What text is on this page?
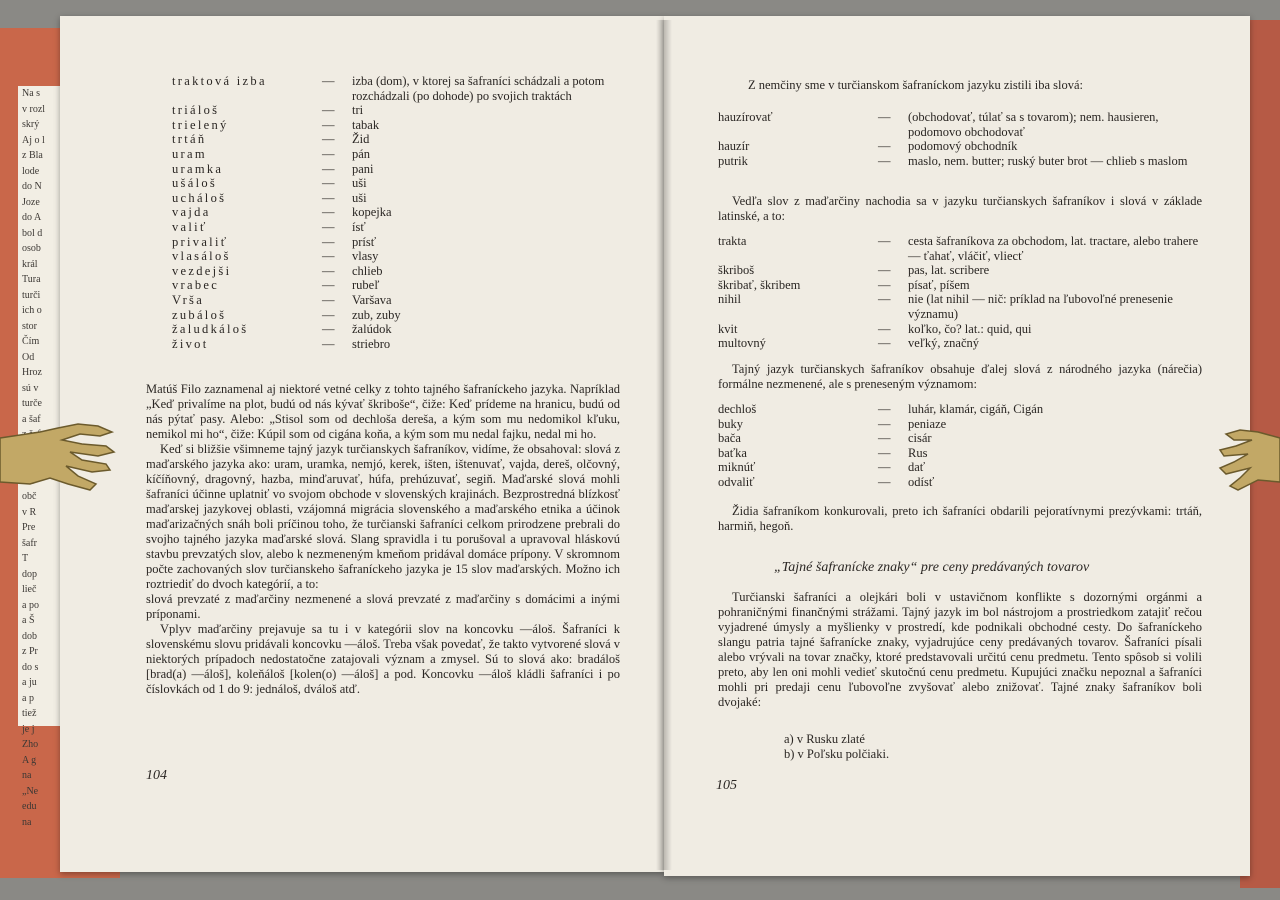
Na s
v rozl
skrý
Aj o l
z Bla
lode
do N
Joze
do A
bol d
osob
král
Tura
turči
ich o
stor
Čím
Od
Hroz
sú v
turče
a šaf
obč
v R
Pre
šafr
T
dop
lieč
a po
a Š
dob
z Pr
do s
a ju
a p
tiež
je j
Zho
A g
na
„Ne
edu
na
traktová izba	—	izba (dom), v ktorej sa šafraníci schádzali a potom rozchádzali (po dohode) po svojich traktách
triáloš	—	tri
trielený	—	tabak
trtáň	—	Žid
uram	—	pán
uramka	—	pani
ušáloš	—	uši
ucháloš	—	uši
vajda	—	kopejka
valiť	—	ísť
privaliť	—	prísť
vlasáloš	—	vlasy
vezdejši	—	chlieb
vrabec	—	rubeľ
Vrša	—	Varšava
zubáloš	—	zub, zuby
žaludkáloš	—	žalúdok
život	—	striebro

Matúš Filo zaznamenal aj niektoré vetné celky z tohto tajného šafraníckeho jazyka. Napríklad „Keď privalíme na plot, budú od nás kývať škriboše“, čiže: Keď prídeme na hranicu, budú od nás pýtať pasy. Alebo: „Stisol som od dechloša dereša, a kým som mu nedomikol kľuku, nemikol mi ho“, čiže: Kúpil som od cigána koňa, a kým som mu nedal fajku, nedal mi ho.

Keď si bližšie všimneme tajný jazyk turčianskych šafraníkov, vidíme, že obsahoval: slová z maďarského jazyka ako: uram, uramka, nemjó, kerek, išten, ištenuvať, vajda, dereš, olčovný, kíčíňovný, dragovný, hazba, minďaruvať, húfa, prehúzuvať, segiň. Maďarské slová mohli šafraníci účinne uplatniť vo svojom obchode v slovenských krajinách. Bezprostredná blízkosť maďarskej jazykovej oblasti, vzájomná migrácia slovenského a maďarského etnika a účinok maďarizačných snáh boli príčinou toho, že turčianski šafraníci celkom prirodzene prebrali do svojho tajného jazyka maďarské slová. Slang spravidla i tu porušoval a upravoval hláskovú stavbu prevzatých slov, alebo k nezmeneným kmeňom pridával domáce prípony. V skromnom počte zachovaných slov turčianskeho šafraníckeho jazyka je 15 slov maďarských. Možno ich roztriediť do dvoch kategórií, a to:

slová prevzaté z maďarčiny nezmenené a slová prevzaté z maďarčiny s domácimi a inými príponami.

Vplyv maďarčiny prejavuje sa tu i v kategórii slov na koncovku —áloš. Šafraníci k slovenskému slovu pridávali koncovku —áloš. Treba však povedať, že takto vytvorené slová v niektorých prípadoch nedostatočne zatajovali význam a zmysel. Sú to slová ako: bradáloš [brad(a) —áloš], koleňáloš [kolen(o) —áloš] a pod. Koncovku —áloš kládli šafraníci i po číslovkách od 1 do 9: jednáloš, dváloš atď.

104

Z nemčiny sme v turčianskom šafraníckom jazyku zistili iba slová:

hauzírovať	—	(obchodovať, túlať sa s tovarom); nem. hausieren, podomovo obchodovať
hauzír	—	podomový obchodník
putrik	—	maslo, nem. butter; ruský buter brot — chlieb s maslom

Vedľa slov z maďarčiny nachodia sa v jazyku turčianskych šafraníkov i slová v základe latinské, a to:

trakta	—	cesta šafraníkova za obchodom, lat. tractare, alebo trahere — ťahať, vláčiť, vliecť
škriboš	—	pas, lat. scribere
škribať, škribem	—	písať, píšem
nihil	—	nie (lat nihil — nič: príklad na ľubovoľné prenesenie významu)
kvit	—	koľko, čo? lat.: quid, qui
multovný	—	veľký, značný

Tajný jazyk turčianskych šafraníkov obsahuje ďalej slová z národného jazyka (nárečia) formálne nezmenené, ale s preneseným významom:

dechloš	—	luhár, klamár, cigáň, Cigán
buky	—	peniaze
bača	—	cisár
baťka	—	Rus
miknúť	—	dať
odvaliť	—	odísť

Židia šafraníkom konkurovali, preto ich šafraníci obdarili pejoratívnymi prezývkami: trtáň, harmiň, hegoň.

„Tajné šafranícke znaky“ pre ceny predávaných tovarov

Turčianski šafraníci a olejkári boli v ustavičnom konflikte s dozornými orgánmi a pohraničnými finančnými strážami. Tajný jazyk im bol nástrojom a prostriedkom zatajiť rečou vyjadrené úmysly a myšlienky v prostredí, kde podnikali obchodné cesty. Do šafraníckeho slangu patria tajné šafranícke znaky, vyjadrujúce ceny predávaných tovarov. Šafraníci písali alebo vrývali na tovar značky, ktoré predstavovali určitú cenu predmetu. Tento spôsob si volili preto, aby len oni mohli vedieť skutočnú cenu predmetu. Kupujúci značku nepoznal a šafraníci mohli pri predaji cenu ľubovoľne zvyšovať alebo znižovať. Tajné znaky šafraníkov boli dvojaké:

a) v Rusku zlaté
b) v Poľsku polčiaki.
105
